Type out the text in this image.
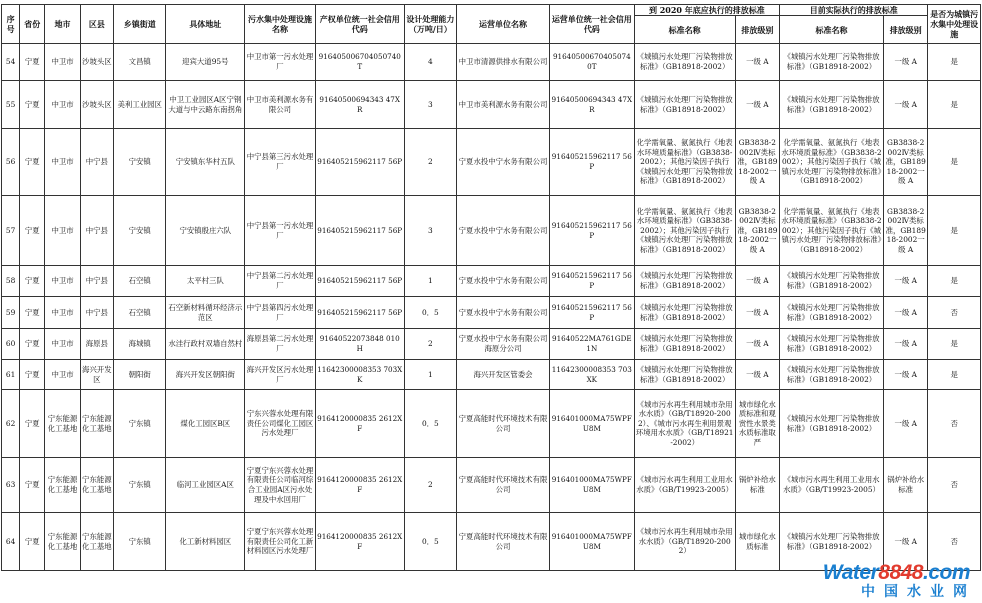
序号	省份	地市	区县	乡镇街道	具体地址	污水集中处理设施名称	产权单位统一社会信用代码	设计处理能力（万吨/日）	运营单位名称	运营单位统一社会信用代码	到 2020 年底应执行的排放标准		目前实际执行的排放标准		是否为城镇污水集中处理设施
											标准名称	排放级别	标准名称	排放级别	
54	宁夏	中卫市	沙坡头区	文昌镇	迎宾大道95号	中卫市第一污水处理厂	916405006704050740T	4	中卫市清源供排水有限公司	916405006704050740T	《城镇污水处理厂污染物排放标准》（GB18918-2002）	一级 A	《城镇污水处理厂污染物排放标准》（GB18918-2002）	一级 A	是
55	宁夏	中卫市	沙坡头区	美利工业园区	中卫工业园区A区宁钢大道与中云路东南拐角	中卫市美利源水务有限公司	91640500694343 47XR	3	中卫市美利源水务有限公司	91640500694343 47XR	《城镇污水处理厂污染物排放标准》（GB18918-2002）	一级 A	《城镇污水处理厂污染物排放标准》（GB18918-2002）	一级 A	是
56	宁夏	中卫市	中宁县	宁安镇	宁安镇东华村五队	中宁县第三污水处理厂	916405215962117 56P	2	宁夏水投中宁水务有限公司	916405215962117 56P	化学需氧量、氨氮执行《地表水环境质量标准》（GB3838-2002）；其他污染因子执行《城镇污水处理厂污染物排放标准》（GB18918-2002）	GB3838-2002Ⅳ类标准，GB18918-2002一级 A	化学需氧量、氨氮执行《地表水环境质量标准》（GB3838-2002）；其他污染因子执行《城镇污水处理厂污染物排放标准》（GB18918-2002）	GB3838-2002Ⅳ类标准，GB18918-2002一级 A	是
57	宁夏	中卫市	中宁县	宁安镇	宁安镇殷庄六队	中宁县第一污水处理厂	916405215962117 56P	3	宁夏水投中宁水务有限公司	916405215962117 56P	化学需氧量、氨氮执行《地表水环境质量标准》（GB3838-2002）；其他污染因子执行《城镇污水处理厂污染物排放标准》（GB18918-2002）	GB3838-2002Ⅳ类标准，GB18918-2002一级 A	化学需氧量、氨氮执行《地表水环境质量标准》（GB3838-2002）；其他污染因子执行《城镇污水处理厂污染物排放标准》（GB18918-2002）	GB3838-2002Ⅳ类标准，GB18918-2002一级 A	是
58	宁夏	中卫市	中宁县	石空镇	太平村三队	中宁县第二污水处理厂	916405215962117 56P	1	宁夏水投中宁水务有限公司	916405215962117 56P	《城镇污水处理厂污染物排放标准》（GB18918-2002）	一级 A	《城镇污水处理厂污染物排放标准》（GB18918-2002）	一级 A	是
59	宁夏	中卫市	中宁县	石空镇	石空新材料循环经济示范区	中宁县第四污水处理厂	916405215962117 56P	0．5	宁夏水投中宁水务有限公司	916405215962117 56P	《城镇污水处理厂污染物排放标准》（GB18918-2002）	一级 A	《城镇污水处理厂污染物排放标准》（GB18918-2002）	一级 A	否
60	宁夏	中卫市	海原县	海城镇	水洼行政村双墙自然村	海原县第二污水处理厂	91640522073848 010H	2	宁夏水投中宁水务有限公司海原分公司	91640522MA761GDE1N	《城镇污水处理厂污染物排放标准》（GB18918-2002）	一级 A	《城镇污水处理厂污染物排放标准》（GB18918-2002）	一级 A	是
61	宁夏	中卫市	海兴开发区	朝阳街	海兴开发区朝阳街	海兴开发区污水处理厂	11642300008353 703XK	1	海兴开发区管委会	11642300008353 703XK	《城镇污水处理厂污染物排放标准》（GB18918-2002）	一级 A	《城镇污水处理厂污染物排放标准》（GB18918-2002）	一级 A	是
62	宁夏	宁东能源化工基地	宁东能源化工基地	宁东镇	煤化工园区B区	宁东兴蓉水处理有限责任公司煤化工园区污水处理厂	9164120000835 2612XF	0．5	宁夏高能时代环境技术有限公司	916401000MA75WPFU8M	《城市污水再生利用城市杂用水水质》（GB/T18920-2002）、《城市污水再生利用景观环境用水水质》（GB/T18921-2002）	城市绿化水质标准和观赏性水景类水质标准取严	《城镇污水处理厂污染物排放标准》（GB18918-2002）	一级 A	否
63	宁夏	宁东能源化工基地	宁东能源化工基地	宁东镇	临河工业园区A区	宁夏宁东兴蓉水处理有限责任公司临河综合工业园A区污水处理及中水回用厂	9164120000835 2612XF	2	宁夏高能时代环境技术有限公司	916401000MA75WPFU8M	《城市污水再生利用工业用水水质》（GB/T19923-2005）	锅炉补给水标准	《城市污水再生利用工业用水水质》（GB/T19923-2005）	锅炉补给水标准	否
64	宁夏	宁东能源化工基地	宁东能源化工基地	宁东镇	化工新材料园区	宁夏宁东兴蓉水处理有限责任公司化工新材料园区污水处理厂	9164120000835 2612XF	0．5	宁夏高能时代环境技术有限公司	916401000MA75WPFU8M	《城市污水再生利用城市杂用水水质》（GB/T18920-2002）	城市绿化水质标准	《城镇污水处理厂污染物排放标准》（GB18918-2002）	一级 A	否
Water8848.com
中国水业网
